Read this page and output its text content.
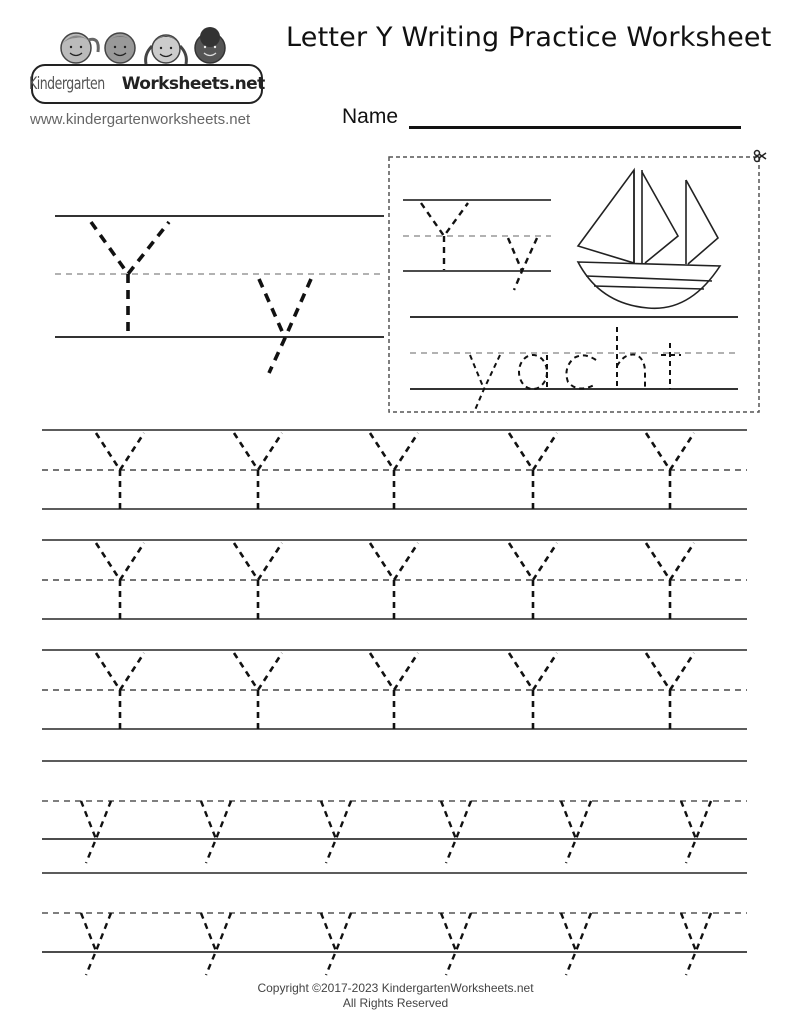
Kindergarten Worksheets.net
www.kindergartenworksheets.net
Letter Y Writing Practice Worksheet
Name
Copyright ©2017-2023 KindergartenWorksheets.net
All Rights Reserved
